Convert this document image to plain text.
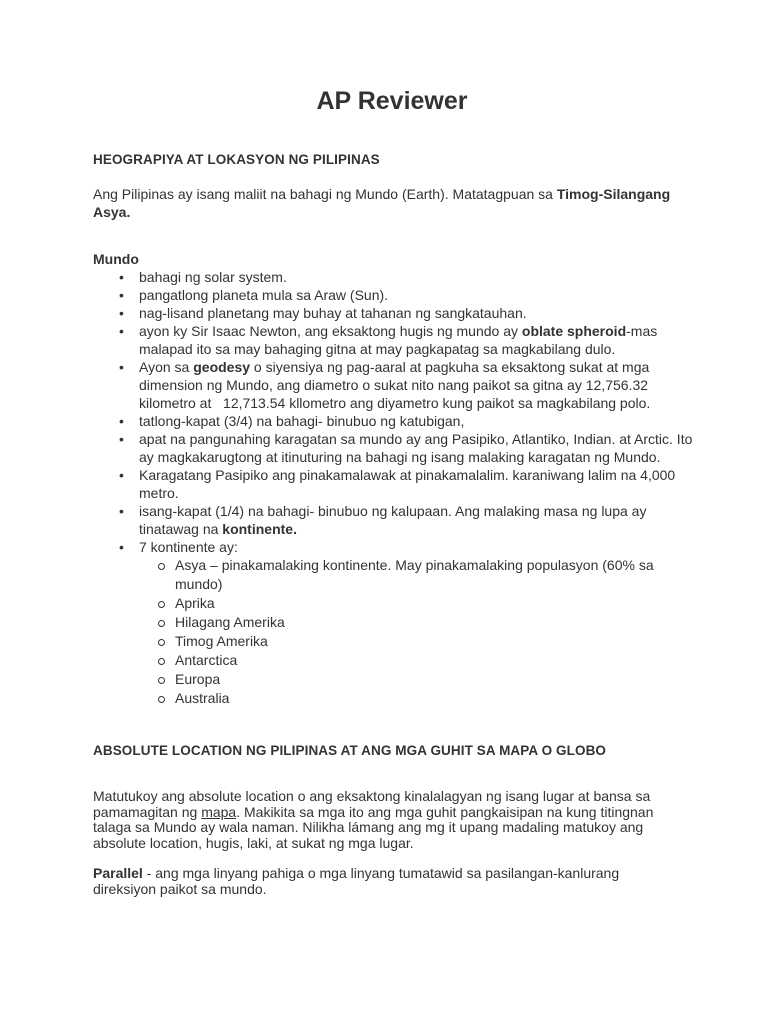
AP Reviewer

HEOGRAPIYA AT LOKASYON NG PILIPINAS

Ang Pilipinas ay isang maliit na bahagi ng Mundo (Earth). Matatagpuan sa Timog-Silangang Asya.

Mundo

• bahagi ng solar system.
• pangatlong planeta mula sa Araw (Sun).
• nag-lisand planetang may buhay at tahanan ng sangkatauhan.
• ayon ky Sir Isaac Newton, ang eksaktong hugis ng mundo ay oblate spheroid-mas malapad ito sa may bahaging gitna at may pagkapatag sa magkabilang dulo.
• Ayon sa geodesy o siyensiya ng pag-aaral at pagkuha sa eksaktong sukat at mga dimension ng Mundo, ang diametro o sukat nito nang paikot sa gitna ay 12,756.32 kilometro at   12,713.54 kllometro ang diyametro kung paikot sa magkabilang polo.
• tatlong-kapat (3/4) na bahagi- binubuo ng katubigan,
• apat na pangunahing karagatan sa mundo ay ang Pasipiko, Atlantiko, Indian. at Arctic. Ito ay magkakarugtong at itinuturing na bahagi ng isang malaking karagatan ng Mundo.
• Karagatang Pasipiko ang pinakamalawak at pinakamalalim. karaniwang lalim na 4,000 metro.
• isang-kapat (1/4) na bahagi- binubuo ng kalupaan. Ang malaking masa ng lupa ay tinatawag na kontinente.
• 7 kontinente ay:
Asya – pinakamalaking kontinente. May pinakamalaking populasyon (60% sa mundo)
Aprika
Hilagang Amerika
Timog Amerika
Antarctica
Europa
Australia

ABSOLUTE LOCATION NG PILIPINAS AT ANG MGA GUHIT SA MAPA O GLOBO

Matutukoy ang absolute location o ang eksaktong kinalalagyan ng isang lugar at bansa sa pamamagitan ng mapa. Makikita sa mga ito ang mga guhit pangkaisipan na kung titingnan talaga sa Mundo ay wala naman. Nilikha lámang ang mg it upang madaling matukoy ang absolute location, hugis, laki, at sukat ng mga lugar.

Parallel - ang mga linyang pahiga o mga linyang tumatawid sa pasilangan-kanlurang direksiyon paikot sa mundo.
